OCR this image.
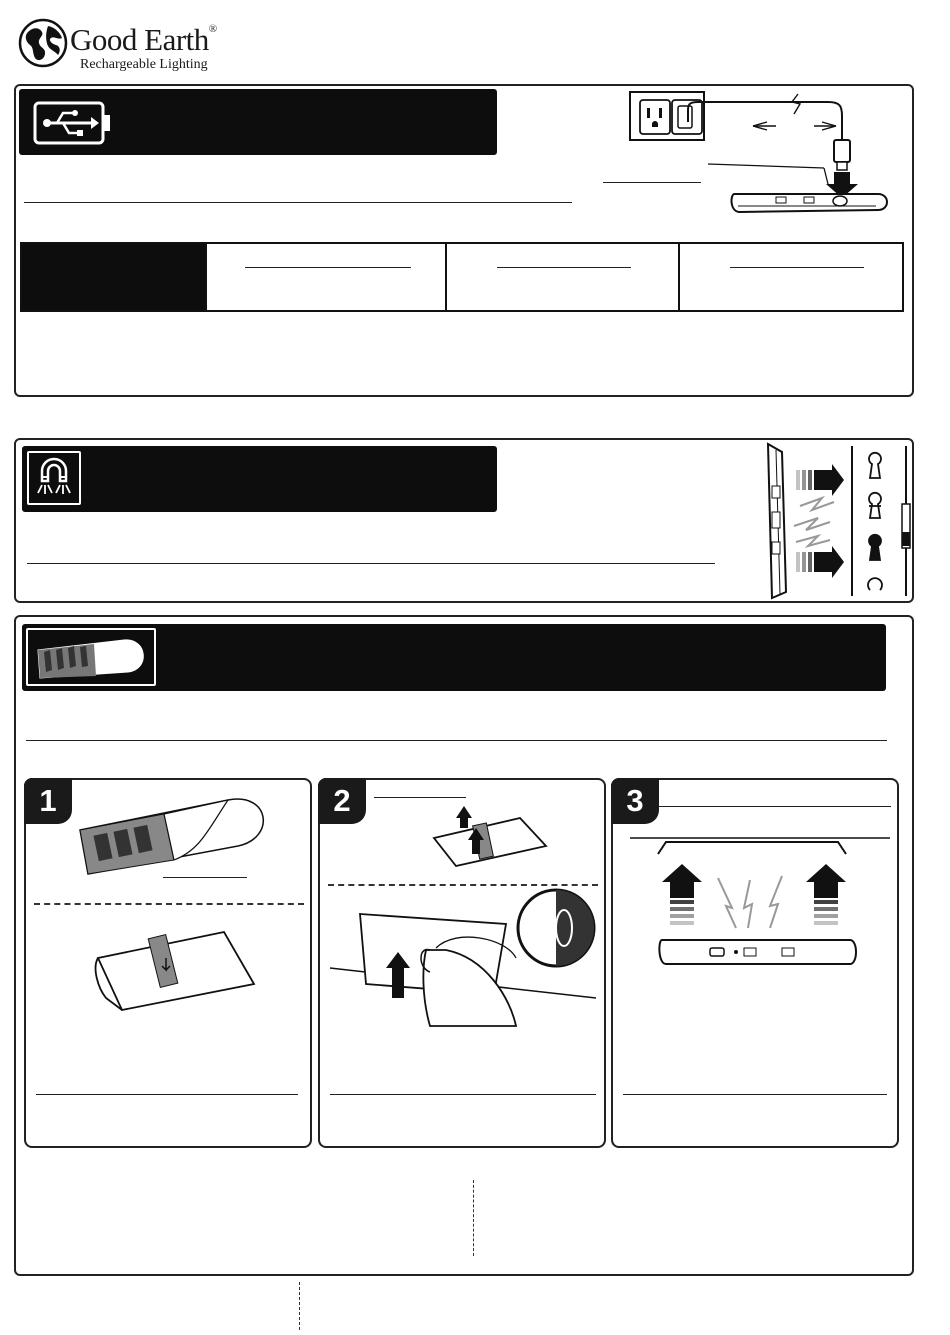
Good Earth®
Rechargeable Lighting
1	2	3
